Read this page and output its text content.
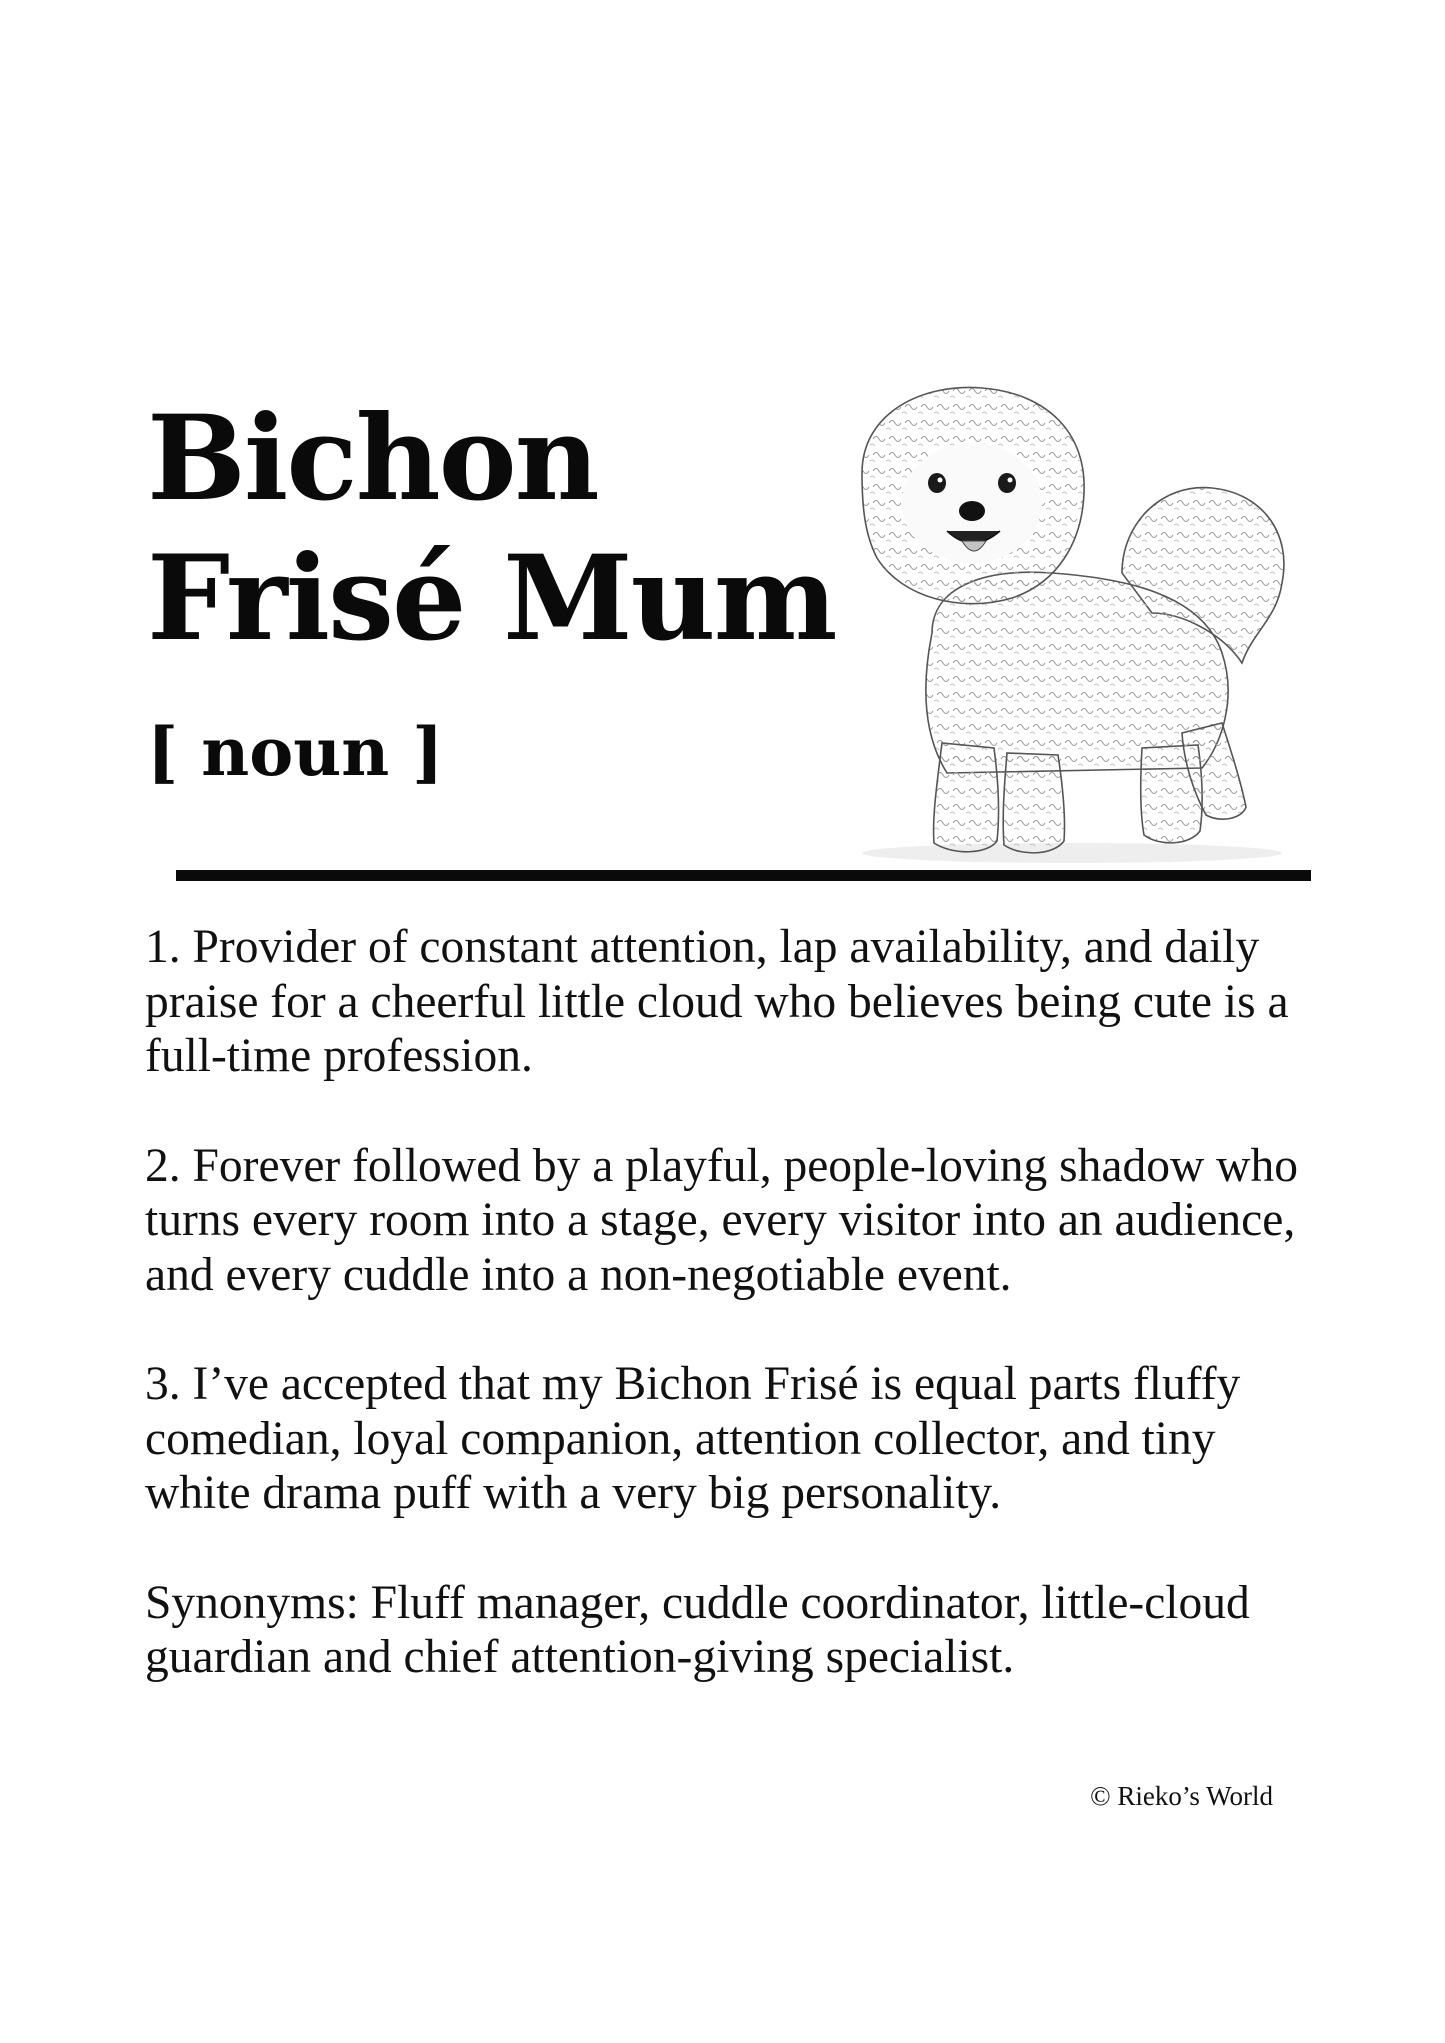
Bichon
Frisé Mum
[ noun ]

1. Provider of constant attention, lap availability, and daily praise for a cheerful little cloud who believes being cute is a full-time profession.

2. Forever followed by a playful, people-loving shadow who turns every room into a stage, every visitor into an audience, and every cuddle into a non-negotiable event.

3. I’ve accepted that my Bichon Frisé is equal parts fluffy comedian, loyal companion, attention collector, and tiny white drama puff with a very big personality.

Synonyms: Fluff manager, cuddle coordinator, little-cloud guardian and chief attention-giving specialist.

© Rieko’s World
